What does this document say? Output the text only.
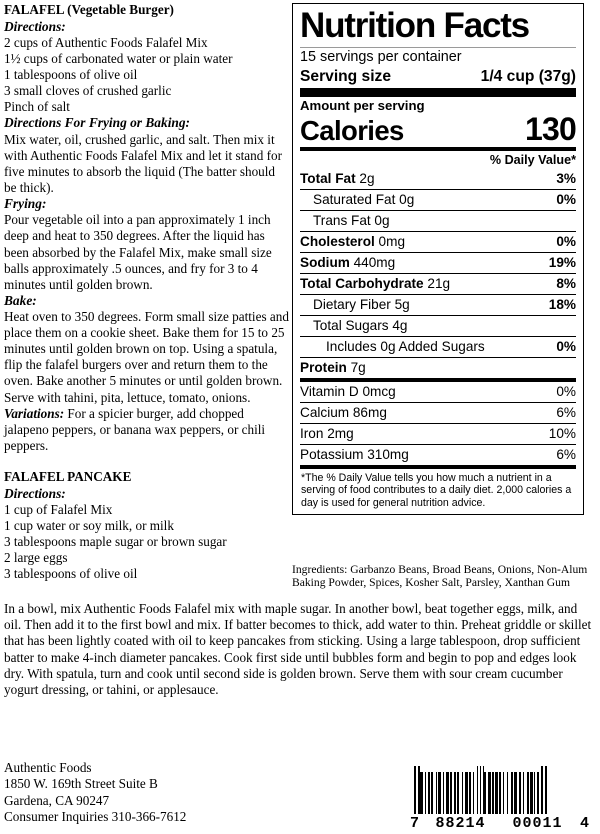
FALAFEL (Vegetable Burger)
Directions:
2 cups of Authentic Foods Falafel Mix
1½ cups of carbonated water or plain water
1 tablespoons of olive oil
3 small cloves of crushed garlic
Pinch of salt
Directions For Frying or Baking:
Mix water, oil, crushed garlic, and salt. Then mix it with Authentic Foods Falafel Mix and let it stand for five minutes to absorb the liquid (The batter should be thick).
Frying:
Pour vegetable oil into a pan approximately 1 inch deep and heat to 350 degrees. After the liquid has been absorbed by the Falafel Mix, make small size balls approximately .5 ounces, and fry for 3 to 4 minutes until golden brown.
Bake:
Heat oven to 350 degrees. Form small size patties and place them on a cookie sheet. Bake them for 15 to 25 minutes until golden brown on top. Using a spatula, flip the falafel burgers over and return them to the oven. Bake another 5 minutes or until golden brown.
Serve with tahini, pita, lettuce, tomato, onions.
Variations: For a spicier burger, add chopped jalapeno peppers, or banana wax peppers, or chili peppers.
FALAFEL PANCAKE
Directions:
1 cup of Falafel Mix
1 cup water or soy milk, or milk
3 tablespoons maple sugar or brown sugar
2 large eggs
3 tablespoons of olive oil
Nutrition Facts
15 servings per container
Serving size	1/4 cup (37g)
Amount per serving
Calories	130
% Daily Value*
Total Fat 2g	3%
Saturated Fat 0g	0%
Trans Fat 0g
Cholesterol 0mg	0%
Sodium 440mg	19%
Total Carbohydrate 21g	8%
Dietary Fiber 5g	18%
Total Sugars 4g
Includes 0g Added Sugars	0%
Protein 7g
Vitamin D 0mcg	0%
Calcium 86mg	6%
Iron 2mg	10%
Potassium 310mg	6%
*The % Daily Value tells you how much a nutrient in a serving of food contributes to a daily diet. 2,000 calories a day is used for general nutrition advice.
Ingredients: Garbanzo Beans, Broad Beans, Onions, Non-Alum Baking Powder, Spices, Kosher Salt, Parsley, Xanthan Gum
In a bowl, mix Authentic Foods Falafel mix with maple sugar. In another bowl, beat together eggs, milk, and oil. Then add it to the first bowl and mix. If batter becomes to thick, add water to thin. Preheat griddle or skillet that has been lightly coated with oil to keep pancakes from sticking. Using a large tablespoon, drop sufficient batter to make 4-inch diameter pancakes. Cook first side until bubbles form and begin to pop and edges look dry. With spatula, turn and cook until second side is golden brown. Serve them with sour cream cucumber yogurt dressing, or tahini, or applesauce.
Authentic Foods
1850 W. 169th Street Suite B
Gardena, CA 90247
Consumer Inquiries 310-366-7612	7	88214	00011	4
